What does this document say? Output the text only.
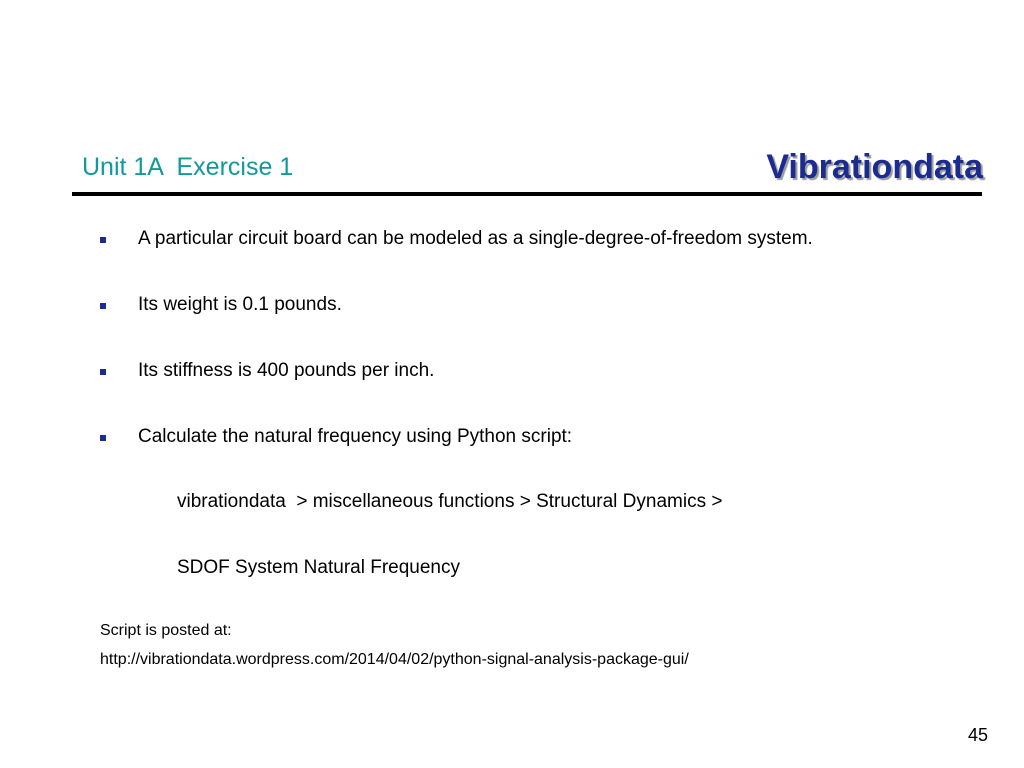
Unit 1A  Exercise 1	Vibrationdata
A particular circuit board can be modeled as a single-degree-of-freedom system.
Its weight is 0.1 pounds.
Its stiffness is 400 pounds per inch.
Calculate the natural frequency using Python script:
vibrationdata  > miscellaneous functions > Structural Dynamics >
SDOF System Natural Frequency
Script is posted at:
http://vibrationdata.wordpress.com/2014/04/02/python-signal-analysis-package-gui/
45
